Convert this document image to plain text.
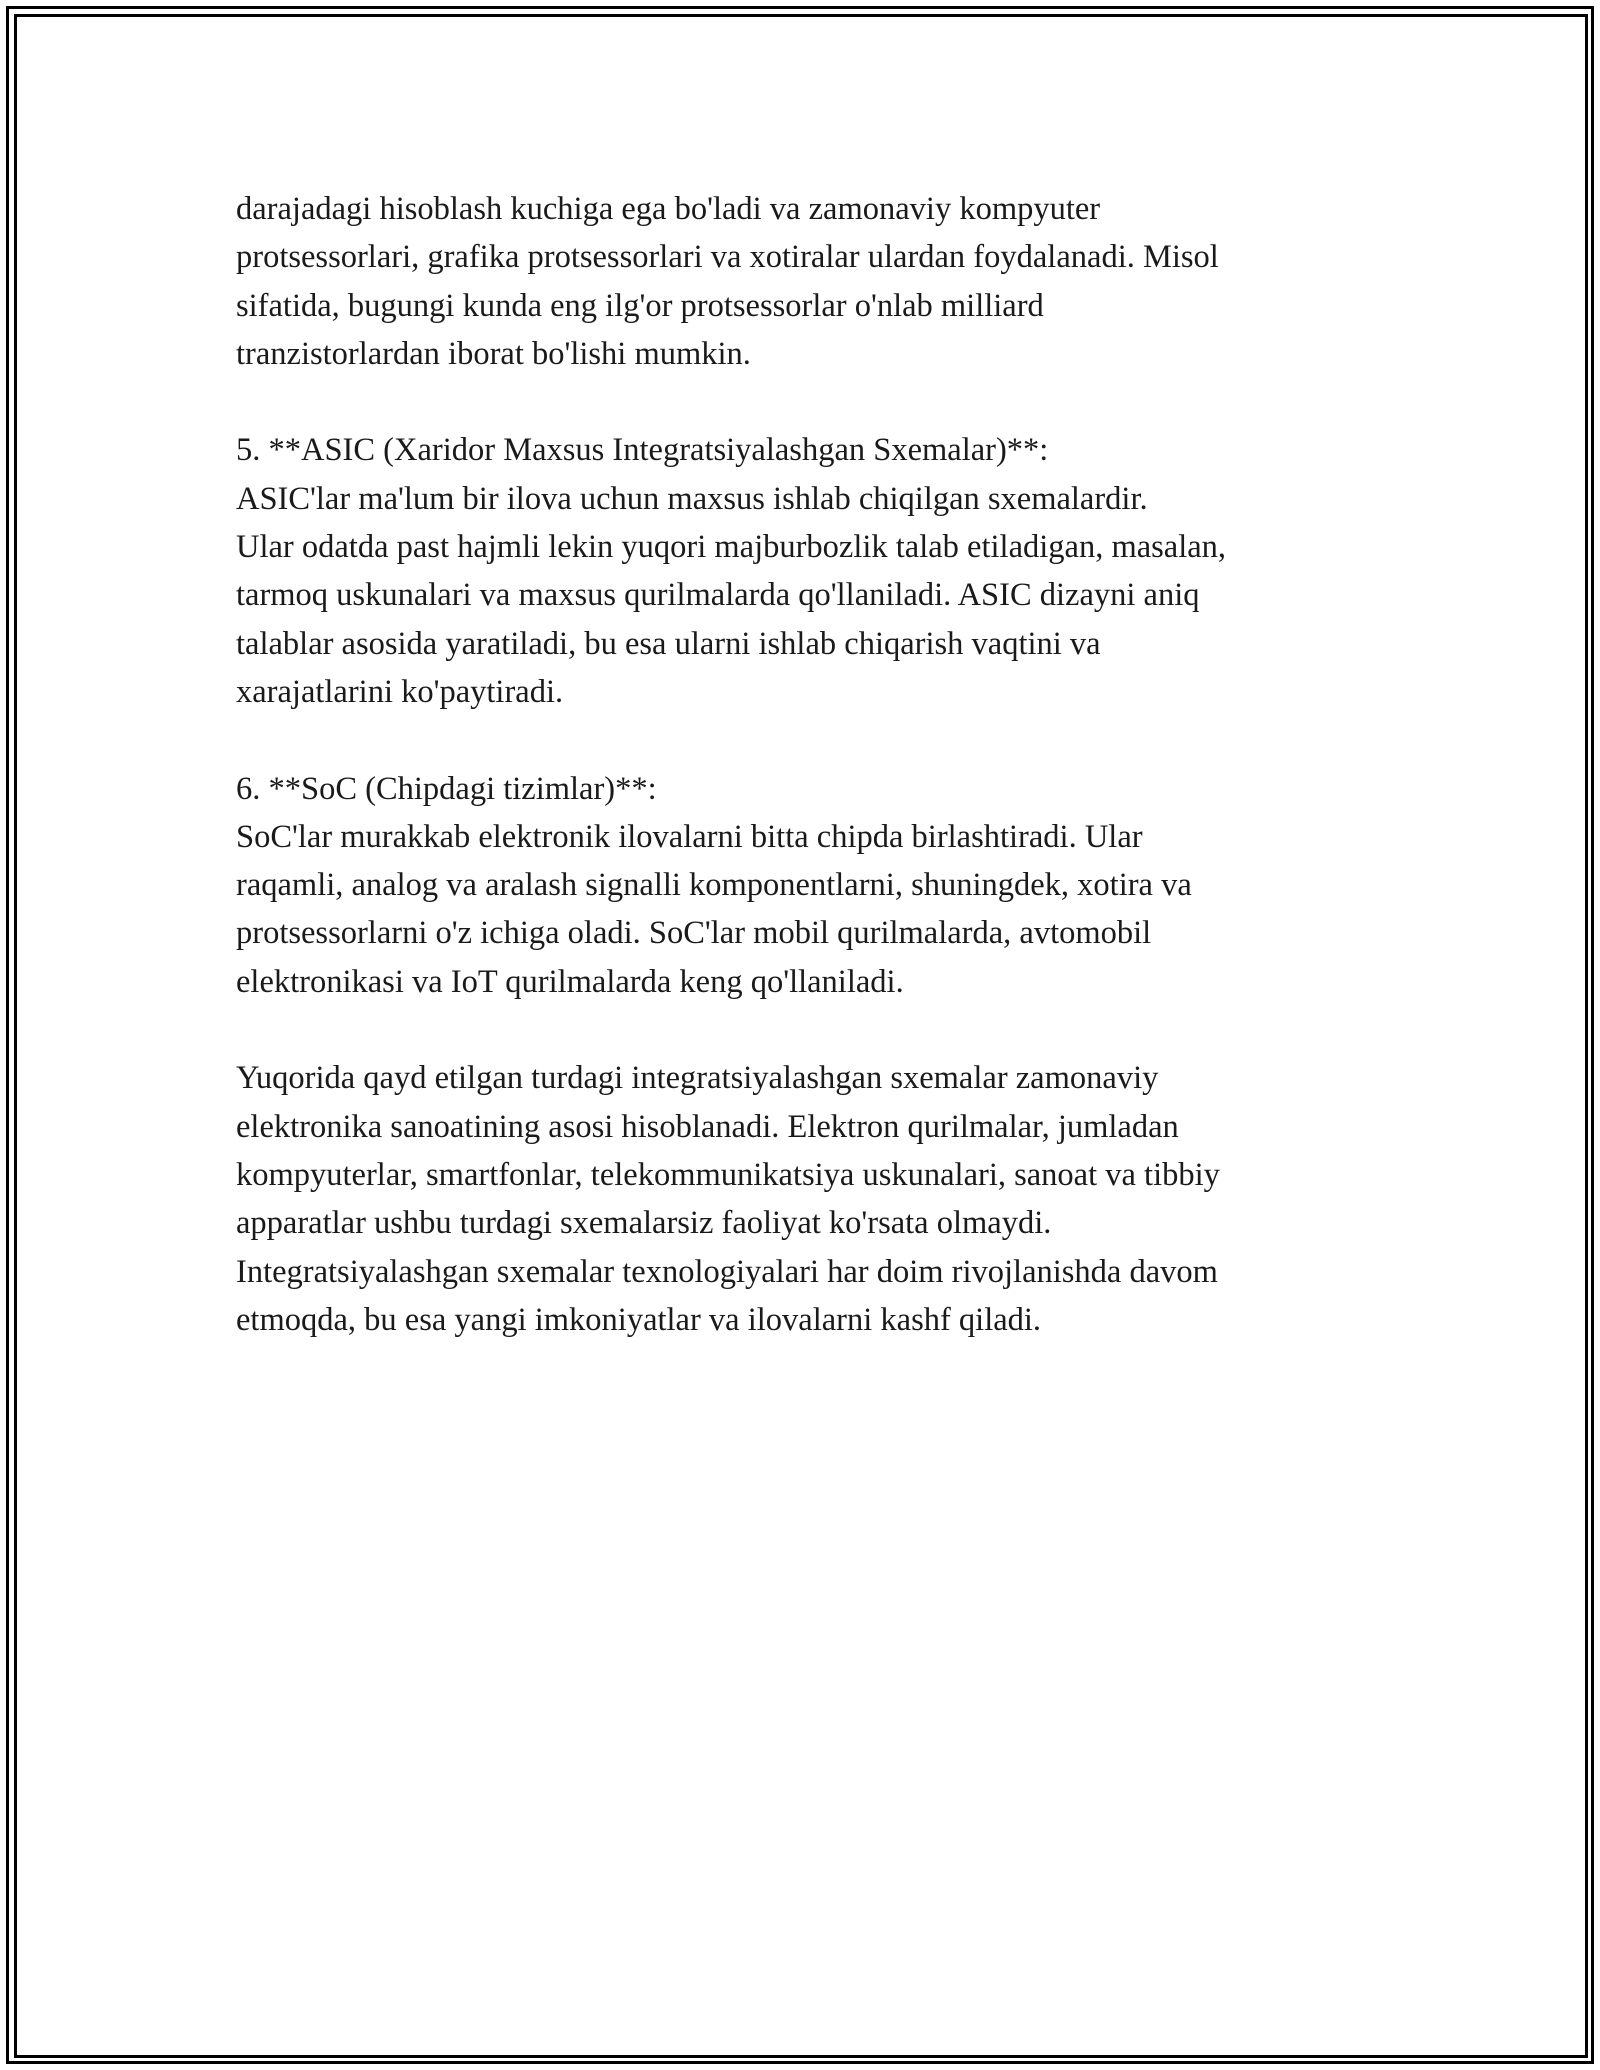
darajadagi hisoblash kuchiga ega bo'ladi va zamonaviy kompyuter
protsessorlari, grafika protsessorlari va xotiralar ulardan foydalanadi. Misol
sifatida, bugungi kunda eng ilg'or protsessorlar o'nlab milliard
tranzistorlardan iborat bo'lishi mumkin.

5. **ASIC (Xaridor Maxsus Integratsiyalashgan Sxemalar)**:
ASIC'lar ma'lum bir ilova uchun maxsus ishlab chiqilgan sxemalardir.
Ular odatda past hajmli lekin yuqori majburbozlik talab etiladigan, masalan,
tarmoq uskunalari va maxsus qurilmalarda qo'llaniladi. ASIC dizayni aniq
talablar asosida yaratiladi, bu esa ularni ishlab chiqarish vaqtini va
xarajatlarini ko'paytiradi.

6. **SoC (Chipdagi tizimlar)**:
SoC'lar murakkab elektronik ilovalarni bitta chipda birlashtiradi. Ular
raqamli, analog va aralash signalli komponentlarni, shuningdek, xotira va
protsessorlarni o'z ichiga oladi. SoC'lar mobil qurilmalarda, avtomobil
elektronikasi va IoT qurilmalarda keng qo'llaniladi.

Yuqorida qayd etilgan turdagi integratsiyalashgan sxemalar zamonaviy
elektronika sanoatining asosi hisoblanadi. Elektron qurilmalar, jumladan
kompyuterlar, smartfonlar, telekommunikatsiya uskunalari, sanoat va tibbiy
apparatlar ushbu turdagi sxemalarsiz faoliyat ko'rsata olmaydi.
Integratsiyalashgan sxemalar texnologiyalari har doim rivojlanishda davom
etmoqda, bu esa yangi imkoniyatlar va ilovalarni kashf qiladi.
